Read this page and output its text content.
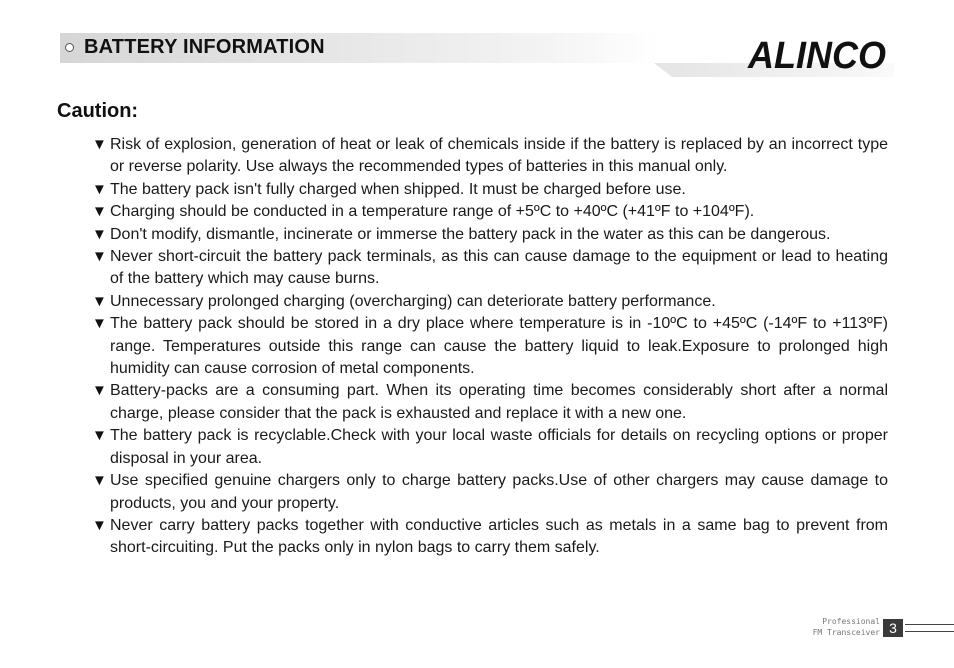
BATTERY INFORMATION	ALINCO
Caution:
▼ Risk of explosion, generation of heat or leak of chemicals inside if the battery is replaced by an incorrect type or reverse polarity. Use always the recommended types of batteries in this manual only.
▼ The battery pack isn't fully charged when shipped. It must be charged before use.
▼ Charging should be conducted in a temperature range of +5ºC to +40ºC (+41ºF to +104ºF).
▼ Don't modify, dismantle, incinerate or immerse the battery pack in the water as this can be dangerous.
▼ Never short-circuit the battery pack terminals, as this can cause damage to the equipment or lead to heating of the battery which may cause burns.
▼ Unnecessary prolonged charging (overcharging) can deteriorate battery performance.
▼ The battery pack should be stored in a dry place where temperature is in -10ºC to +45ºC (-14ºF to +113ºF) range. Temperatures outside this range can cause the battery liquid to leak.Exposure to prolonged high humidity can cause corrosion of metal components.
▼ Battery-packs are a consuming part. When its operating time becomes considerably short after a normal charge, please consider that the pack is exhausted and replace it with a new one.
▼ The battery pack is recyclable.Check with your local waste officials for details on recycling options or proper disposal in your area.
▼ Use specified genuine chargers only to charge battery packs.Use of other chargers may cause damage to products, you and your property.
▼ Never carry battery packs together with conductive articles such as metals in a same bag to prevent from short-circuiting. Put the packs only in nylon bags to carry them safely.
Professional
FM Transceiver 3
